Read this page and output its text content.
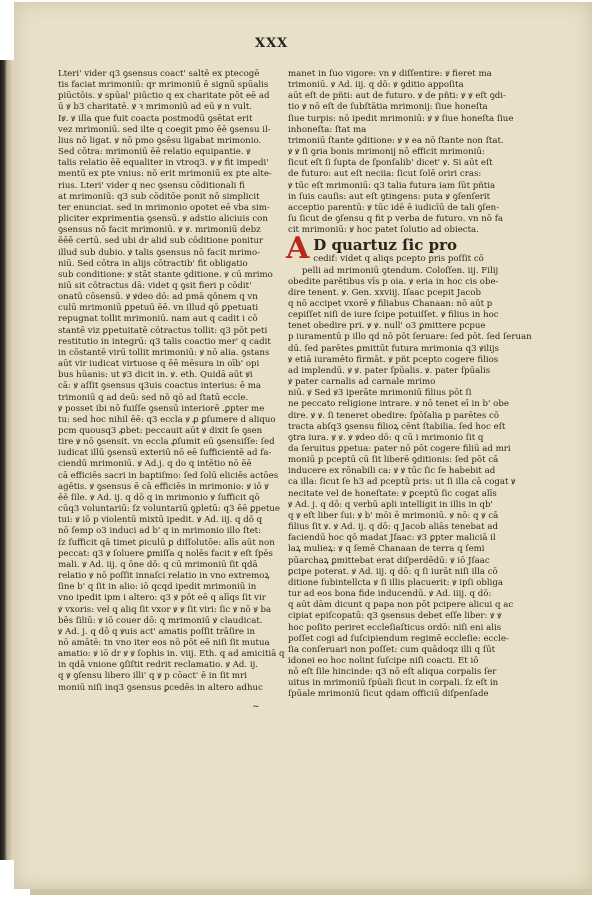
XXX
Lteri' vider q3 ꝯsensus coact' saltē ex ptecogē
tis faciat mrimoniū: qr mrimoniū ē signū spūalis
piūctōis. ꝟ spūal' piūctio q ex charitate pōt eē ad
ū ꝟ b3 charitatē. ꝟ ꝛ mrimoniū ad eū ꝟ n vult.
Iꝟ. ꝟ illa que fuit coacta postmodū ꝯsētat erit
vez mrimoniū. sed ilte q coegit pmo ēē ꝯsensu il-
lius nō ligat. ꝟ nō pmo ꝯsēsu ligabat mrimonio.
Sed cōtra: mrimoniū ēē relatio equipantie. ꝟ
talis relatio ēē equaliter in vtroq3. ꝟ ꝟ fit impedi'
mentū ex pte vnius: nō erit mrimoniū ex pte alte-
rius. Lteri' vider q nec ꝯsensu cōditionali fi
at mrimoniū: q3 sub cōditōe ponit nō simplicit
ter enunciat. sed in mrimonio opotet eē vba sim-
pliciter exprimentia ꝯsensū. ꝟ adstio aliciuis con
ꝯsensus nō facit mrimoniū. ꝟ ꝟ. mrimoniū debz
ēēē certū. sed ubi dr alid sub cōditione ponitur
illud sub dubio. ꝟ talis ꝯsensus nō facit mrimo-
niū. Sed cōtra in alijs cōtractib' fit obligatio
sub conditione: ꝟ stāt stante ꝯditione. ꝟ cū mrimo
niū sit cōtractus dā: videt q ꝯsit fieri p cōdit'
onatū cōsensū. ꝟ ꝟdeo dō: ad pmā qōnem q vn
culū mrimoniū ꝑpetuū ēē. vn illud qō ꝑpetuati
repugnat tollit mrimoniū. nam aut q cadit i cō
stantē viz ꝑpetuitatē cōtractus tollit: q3 pōt peti
restitutio in integrū: q3 talis coactio mer' q cadit
in cōstantē virū tollit mrimoniū: ꝟ nō alia. ꝯstans
aūt vir iudicat virtuose q ēē mēsura in oīb' opi
bus hūanis: ut ꝟ3 dicit in. ꝟ. eth. Quidā aūt ꝟi
cā: ꝟ aſſit ꝯsensus q3uis coactus interius: ē ma
trimoniū q ad deū: sed nō qō ad ſtatū eccle.
ꝟ posset ibi nō fuiſſe ꝯsensū interiorē .ꝑpter me
tu: sed hoc nihil ēē: q3 eccla ꝟ ꝓ ꝑſumere d aliquo
pcm quousq3 ꝓbet: peccauit aūt ꝟ dixit ſe ꝯsen
tire ꝟ nō ꝯsensit. vn eccla ꝓſumit eū ꝯsensiſſe: ſed
iudicat illū ꝯsensū exteriū nō eē ſufficientē ad fa-
ciendū mrimoniū. ꝟ Ad.j. q do q intētio nō ēē
cā efficiēs sacri in baptiſmo: ſed ſolū eliciēs actōes
agētis. ꝟ ꝯsensus ē cā efficiēs in mrimonio: ꝟ iō ꝟ
ēē ſile. ꝟ Ad. ij. q dō q in mrimonio ꝟ ſufficit qō
cūq3 voluntariū: ſz voluntariū ꝯpletū: q3 ēē ꝑpetue
tui: ꝟ iō p violentū mixtū ipedit. ꝟ Ad. iij. q dō q
nō ſemp o3 induci ad b' q in mrimonio illo ſtet:
ſz ſufficit qā timet ꝑiculū ꝑ diſſolutōe: alīs aūt non
peccat: q3 ꝟ ſoluere ꝑmiſſa q nolēs facit ꝟ eſt ſpēs
mali. ꝟ Ad. iij. q ōne dō: q cū mrimoniū ſit qdā
relatio ꝟ nō poſſit innaſci relatio in vno extremoꝝ
ſine b' q ſit in alio: iō qcqd ipedit mrimoniū in
vno ipedit ipm i altero: q3 ꝟ pōt eē q alīqs ſit vir
ꝟ vxoris: vel q aliq ſit vxor ꝟ ꝟ ſit viri: ſic ꝟ nō ꝟ ba
bēs ſiliū: ꝟ iō couer dō: q mrimoniū ꝟ claudicat.
ꝟ Ad. j. q dō q ꝟuis act' amatis poſſit trāſire in
nō amātē: tn vno iter eos nō pōt eē niſi ſit mutua
amatio: ꝟ iō dr ꝟ ꝟ ſophis in. viij. Eth. q ad amicitiā q
in qdā vnione ꝯſiſtit redrit reclamatio. ꝟ Ad. ij.
q ꝟ ꝯſensu libero illi' q ꝟ p cōact' ē in ſit mri
moniū niſi inq3 ꝯsensus ꝑcedēs in altero adhuc
manet in ſuo vigore: vn ꝟ diſſentire: ꝟ fieret ma
trimoniū. ꝟ Ad. iij. q dō: ꝟ ꝯditio appoſita
aūt eſt de pñti: aut de futuro. ꝟ de pñti: ꝟ ꝟ eſt ꝯdi-
tio ꝟ nō eſt de ſubſtātia mrimonij: ſiue honeſta
ſiue turpis: nō ipedit mrimoniū: ꝟ ꝟ ſiue honeſta ſiue
inhoneſta: ſtat ma
trimoniū ſtante ꝯditione: ꝟ ꝟ ea nō ſtante non ſtat.
ꝟ ꝟ ſi ꝯria bonis mrimonij nō efficit mrimoniū:
ſicut eſt ſi ſupta de ſponſalib' dicet' ꝟ. Si aūt eſt
de futuro: aut eſt neciia: ſicut ſolē oriri cras:
ꝟ tūc eſt mrimoniū: q3 talia futura iam ſūt pñtia
in ſuis cauſis: aut eſt ꝯtingens: puta ꝟ ꝯſenſerit
acceptio parentū: ꝟ tūc idē ē iudicīū de tali ꝯſen-
ſu ſicut de ꝯſensu q fit p verba de futuro. vn nō fa
cit mrimoniū: ꝟ hoc patet ſolutio ad obiecta.
A D quartuz ſic pro
cedif: videt q aliqs pcepto pris poſſit cō
pelli ad mrimoniū ꝯtendum. Coloſſen. iij. Filij
obedite parētibus vīs p oia. ꝟ eria in hoc cis obe-
dire tenent. ꝟ. Gen. xxviij. Iſaac pcepit Jacob
q nō accipet vxorē ꝟ filiabus Chanaan: nō aūt p
cepiſſet niſi de iure ſcipe potuiſſet. ꝟ filius in hoc
tenet obedire pri. ꝟ ꝟ. null' o3 ꝑmittere pcpue
p iuramentū p illo qd nō pōt ſeruare: ſed pōt. ſed ſeruan
dū. ſed parētes ꝑmittūt futura mrimonia q3 ꝟilijs
ꝟ etiā iuramēto firmāt. ꝟ pñt pcepto cogere filios
ad implendū. ꝟ ꝟ. pater ſpūalis. ꝟ. pater ſpūalis
ꝟ pater carnalis ad carnale mrimo
niū. ꝟ Sed ꝟ3 iperāte mrimoniū filius pōt ſi
ne peccato religione intrare. ꝟ nō tenet eī in b' obe
dire. ꝟ ꝟ. ſi teneret obedire: ſpōſalia p parētes cō
tracta abſq3 ꝯsensu filioꝝ cēnt ſtabilia. ſed hoc eſt
ꝯtra iura. ꝟ ꝟ. ꝟ ꝟdeo dō: q cū i mrimonio ſit q
da ſeruitus ꝑpetua: pater nō pōt cogere filiū ad mri
moniū p pceptū cū ſit liberē ꝯditionis: ſed pōt cā
inducere ex rōnabili ca: ꝟ ꝟ tūc ſic ſe habebit ad
ca illa: ſicut ſe h3 ad pceptū pris: ut ſi illa cā cogat ꝟ
necitate vel de honeſtate: ꝟ ꝑceptū ſic cogat alīs
ꝟ Ad. j. q dō: q verbū apli intelligit in illis in qb'
q ꝟ eſt liber ſui: ꝟ b' mōi ē mrimoniū. ꝟ nō: q ꝟ cā
filius ſit ꝟ. ꝟ Ad. ij. q dō: q Jacob aliās tenebat ad
faciendū hoc qō madat Jſaac: ꝟ3 ꝑpter maliciā il
laꝝ mulieꝝ: ꝟ q ſemē Chanaan de terra q ſemi
pūarchaꝝ ꝑmittebat erat diſperdēdū: ꝟ iō Jſaac
ꝑcipe poterat. ꝟ Ad. iij. q dō: q ſi iurāt niſi illa cō
ditione ſubintellcta ꝟ ſi illis placuerit: ꝟ ipſi obliga
tur ad eos bona fide inducendū. ꝟ Ad. iiij. q dō:
q aūt dām dicunt q papa non pōt pcipere alicui q ac
cipiat epiſcopatū: q3 ꝯsensus debet eſſe liber: ꝟ ꝟ
hoc poſito periret eccleſiaſticus ordō: niſi eni alis
poſſet cogi ad ſuſcipiendum regimē eccleſie: eccle-
ſia conſeruari non poſſet: cum quādoqz illi q ſūt
idonei eo hoc nolint ſuſcipe niſi coacti. Et iō
nō eſt ſile hincinde: q3 nō eſt aliqua corpalis ſer
uitus in mrimoniū ſpūali ſicut in corpali. ſz eſt in
ſpūale mrimoniū ſicut qdam officiū diſpenſade
~
